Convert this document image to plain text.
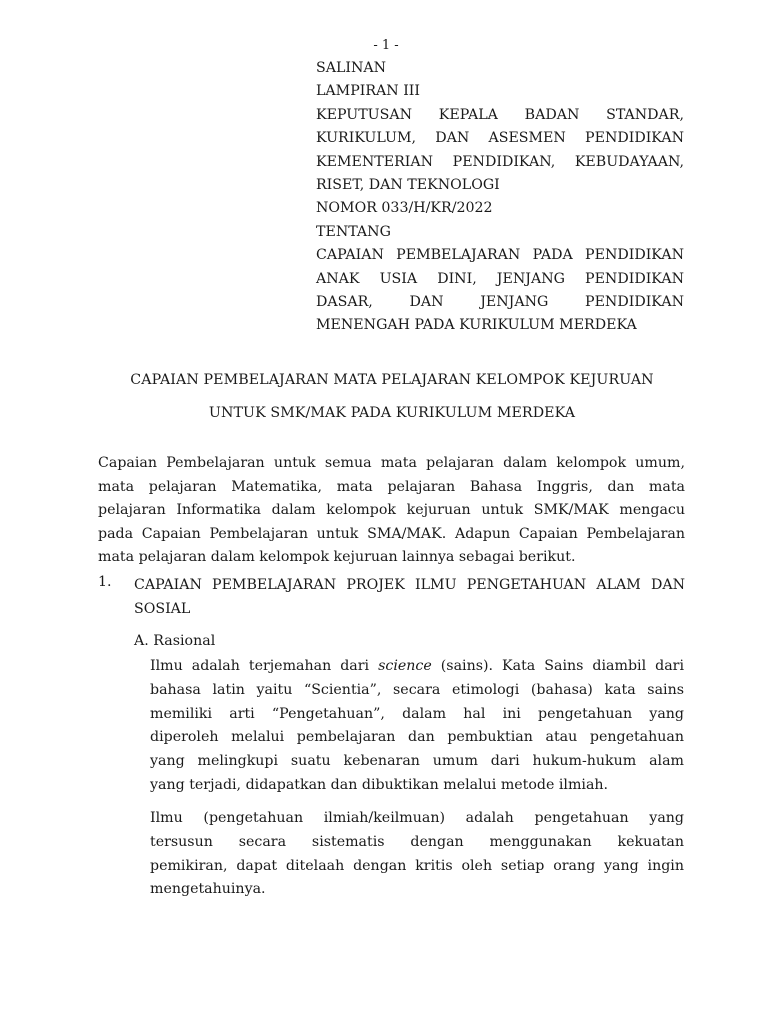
- 1 -
SALINAN
LAMPIRAN III
KEPUTUSAN KEPALA BADAN STANDAR,
KURIKULUM, DAN ASESMEN PENDIDIKAN
KEMENTERIAN PENDIDIKAN, KEBUDAYAAN,
RISET, DAN TEKNOLOGI
NOMOR 033/H/KR/2022
TENTANG
CAPAIAN PEMBELAJARAN PADA PENDIDIKAN
ANAK USIA DINI, JENJANG PENDIDIKAN
DASAR, DAN JENJANG PENDIDIKAN
MENENGAH PADA KURIKULUM MERDEKA
CAPAIAN PEMBELAJARAN MATA PELAJARAN KELOMPOK KEJURUAN
UNTUK SMK/MAK PADA KURIKULUM MERDEKA
Capaian Pembelajaran untuk semua mata pelajaran dalam kelompok umum,
mata pelajaran Matematika, mata pelajaran Bahasa Inggris, dan mata
pelajaran Informatika dalam kelompok kejuruan untuk SMK/MAK mengacu
pada Capaian Pembelajaran untuk SMA/MAK. Adapun Capaian Pembelajaran
mata pelajaran dalam kelompok kejuruan lainnya sebagai berikut.
1. CAPAIAN PEMBELAJARAN PROJEK ILMU PENGETAHUAN ALAM DAN
SOSIAL
A. Rasional
Ilmu adalah terjemahan dari science (sains). Kata Sains diambil dari
bahasa latin yaitu “Scientia”, secara etimologi (bahasa) kata sains
memiliki arti “Pengetahuan”, dalam hal ini pengetahuan yang
diperoleh melalui pembelajaran dan pembuktian atau pengetahuan
yang melingkupi suatu kebenaran umum dari hukum-hukum alam
yang terjadi, didapatkan dan dibuktikan melalui metode ilmiah.
Ilmu (pengetahuan ilmiah/keilmuan) adalah pengetahuan yang
tersusun secara sistematis dengan menggunakan kekuatan
pemikiran, dapat ditelaah dengan kritis oleh setiap orang yang ingin
mengetahuinya.
